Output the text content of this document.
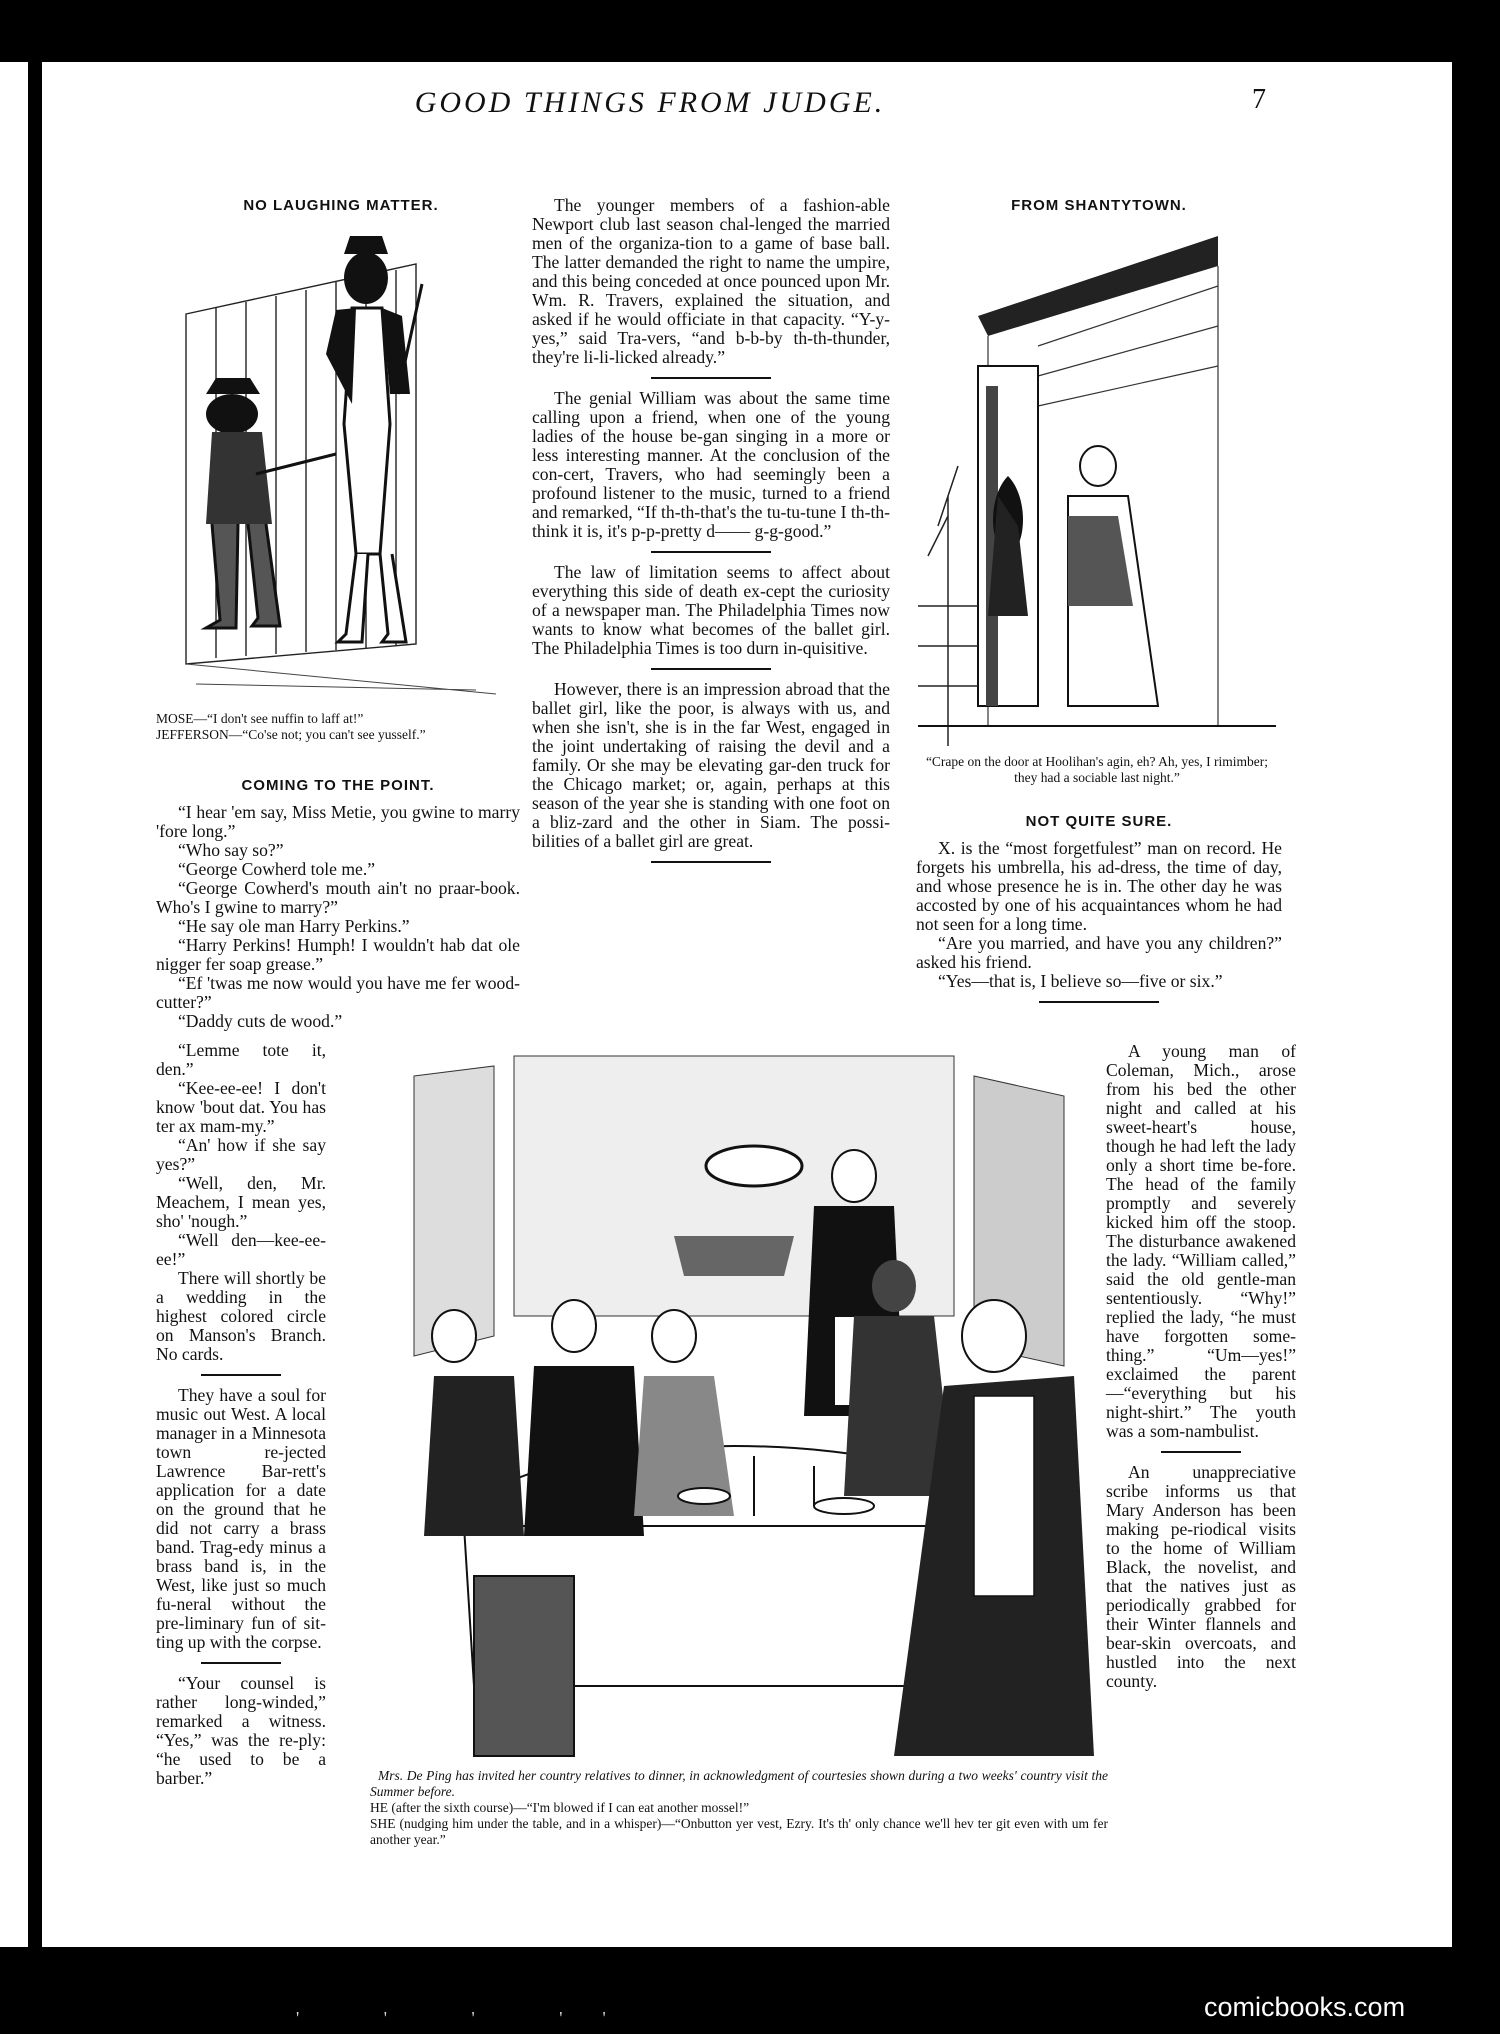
GOOD THINGS FROM JUDGE.	7
NO LAUGHING MATTER.
MOSE—“I don't see nuffin to laff at!”
JEFFERSON—“Co'se not; you can't see yusself.”
COMING TO THE POINT.

“I hear 'em say, Miss Metie, you gwine to marry 'fore long.”

“Who say so?”

“George Cowherd tole me.”

“George Cowherd's mouth ain't no praar-book. Who's I gwine to marry?”

“He say ole man Harry Perkins.”

“Harry Perkins! Humph! I wouldn't hab dat ole nigger fer soap grease.”

“Ef 'twas me now would you have me fer wood-cutter?”

“Daddy cuts de wood.”

“Lemme tote it, den.”

“Kee-ee-ee! I don't know 'bout dat. You has ter ax mam-my.”

“An' how if she say yes?”

“Well, den, Mr. Meachem, I mean yes, sho' 'nough.”

“Well den—kee-ee-ee!”

There will shortly be a wedding in the highest colored circle on Manson's Branch. No cards.

They have a soul for music out West. A local manager in a Minnesota town re-jected Lawrence Bar-rett's application for a date on the ground that he did not carry a brass band. Trag-edy minus a brass band is, in the West, like just so much fu-neral without the pre-liminary fun of sit-ting up with the corpse.

“Your counsel is rather long-winded,” remarked a witness. “Yes,” was the re-ply: “he used to be a barber.”

The younger members of a fashion-able Newport club last season chal-lenged the married men of the organiza-tion to a game of base ball. The latter demanded the right to name the umpire, and this being conceded at once pounced upon Mr. Wm. R. Travers, explained the situation, and asked if he would officiate in that capacity. “Y-y-yes,” said Tra-vers, “and b-b-by th-th-thunder, they're li-li-licked already.”

The genial William was about the same time calling upon a friend, when one of the young ladies of the house be-gan singing in a more or less interesting manner. At the conclusion of the con-cert, Travers, who had seemingly been a profound listener to the music, turned to a friend and remarked, “If th-th-that's the tu-tu-tune I th-th-think it is, it's p-p-pretty d—— g-g-good.”

The law of limitation seems to affect about everything this side of death ex-cept the curiosity of a newspaper man. The Philadelphia Times now wants to know what becomes of the ballet girl. The Philadelphia Times is too durn in-quisitive.

However, there is an impression abroad that the ballet girl, like the poor, is always with us, and when she isn't, she is in the far West, engaged in the joint undertaking of raising the devil and a family. Or she may be elevating gar-den truck for the Chicago market; or, again, perhaps at this season of the year she is standing with one foot on a bliz-zard and the other in Siam. The possi-bilities of a ballet girl are great.

FROM SHANTYTOWN.
“Crape on the door at Hoolihan's agin, eh? Ah, yes, I rimimber; they had a sociable last night.”
NOT QUITE SURE.

X. is the “most forgetfulest” man on record. He forgets his umbrella, his ad-dress, the time of day, and whose presence he is in. The other day he was accosted by one of his acquaintances whom he had not seen for a long time.

“Are you married, and have you any children?” asked his friend.

“Yes—that is, I believe so—five or six.”

A young man of Coleman, Mich., arose from his bed the other night and called at his sweet-heart's house, though he had left the lady only a short time be-fore. The head of the family promptly and severely kicked him off the stoop. The disturbance awakened the lady. “William called,” said the old gentle-man sententiously. “Why!” replied the lady, “he must have forgotten some-thing.” “Um—yes!” exclaimed the parent —“everything but his night-shirt.” The youth was a som-nambulist.

An unappreciative scribe informs us that Mary Anderson has been making pe-riodical visits to the home of William Black, the novelist, and that the natives just as periodically grabbed for their Winter flannels and bear-skin overcoats, and hustled into the next county.

Mrs. De Ping has invited her country relatives to dinner, in acknowledgment of courtesies shown during a two weeks' country visit the Summer before.
HE (after the sixth course)—“I'm blowed if I can eat another mossel!”
SHE (nudging him under the table, and in a whisper)—“Onbutton yer vest, Ezry. It's th' only chance we'll hev ter git even with um fer another year.”
' ' ' ''	comicbooks.com
